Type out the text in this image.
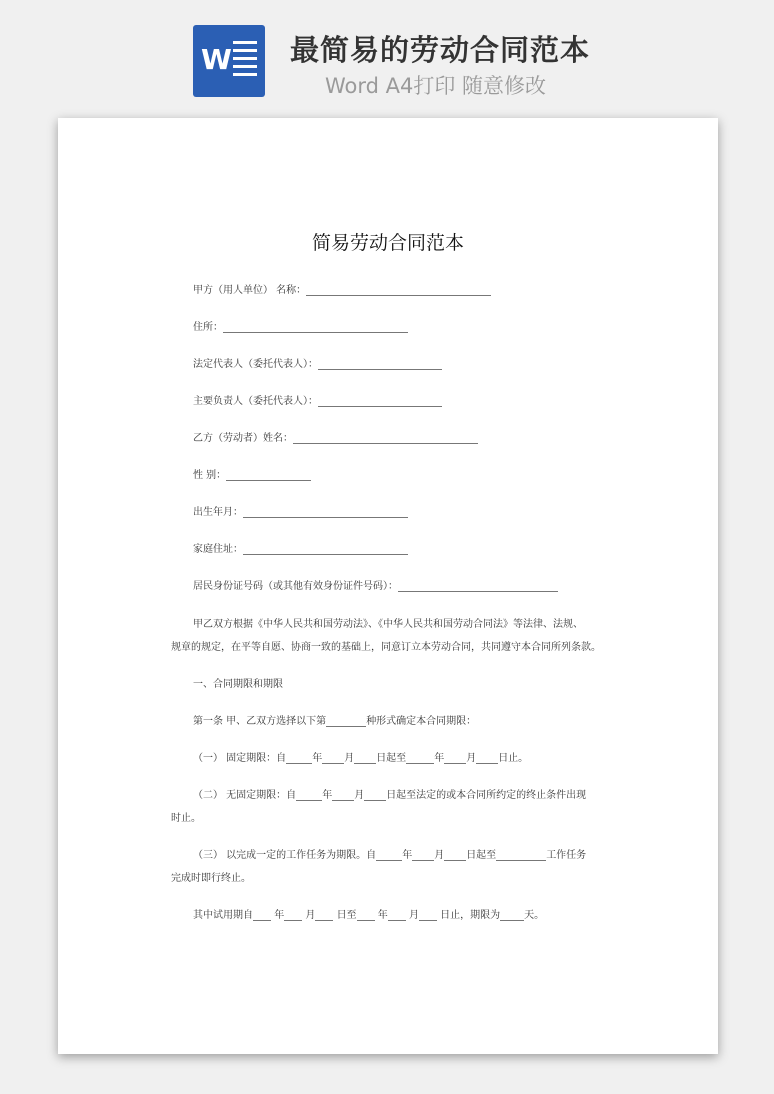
W 最简易的劳动合同范本
Word A4打印 随意修改
简易劳动合同范本
甲方（用人单位） 名称：
住所：
法定代表人（委托代表人）：
主要负责人（委托代表人）：
乙方（劳动者）姓名：
性 别：
出生年月：
家庭住址：
居民身份证号码（或其他有效身份证件号码）：
甲乙双方根据《中华人民共和国劳动法》、《中华人民共和国劳动合同法》等法律、法规、
规章的规定，在平等自愿、协商一致的基础上，同意订立本劳动合同，共同遵守本合同所列条款。
一、合同期限和期限
第一条 甲、乙双方选择以下第	种形式确定本合同期限：
（一） 固定期限：自	年 月 日起至	年 月 日止。
（二） 无固定期限：自	年 月 日起至法定的或本合同所约定的终止条件出现
时止。
（三） 以完成一定的工作任务为期限。自	年 月 日起至	工作任务
完成时即行终止。
其中试用期自 年 月 日至 年 月 日止，期限为 天。
